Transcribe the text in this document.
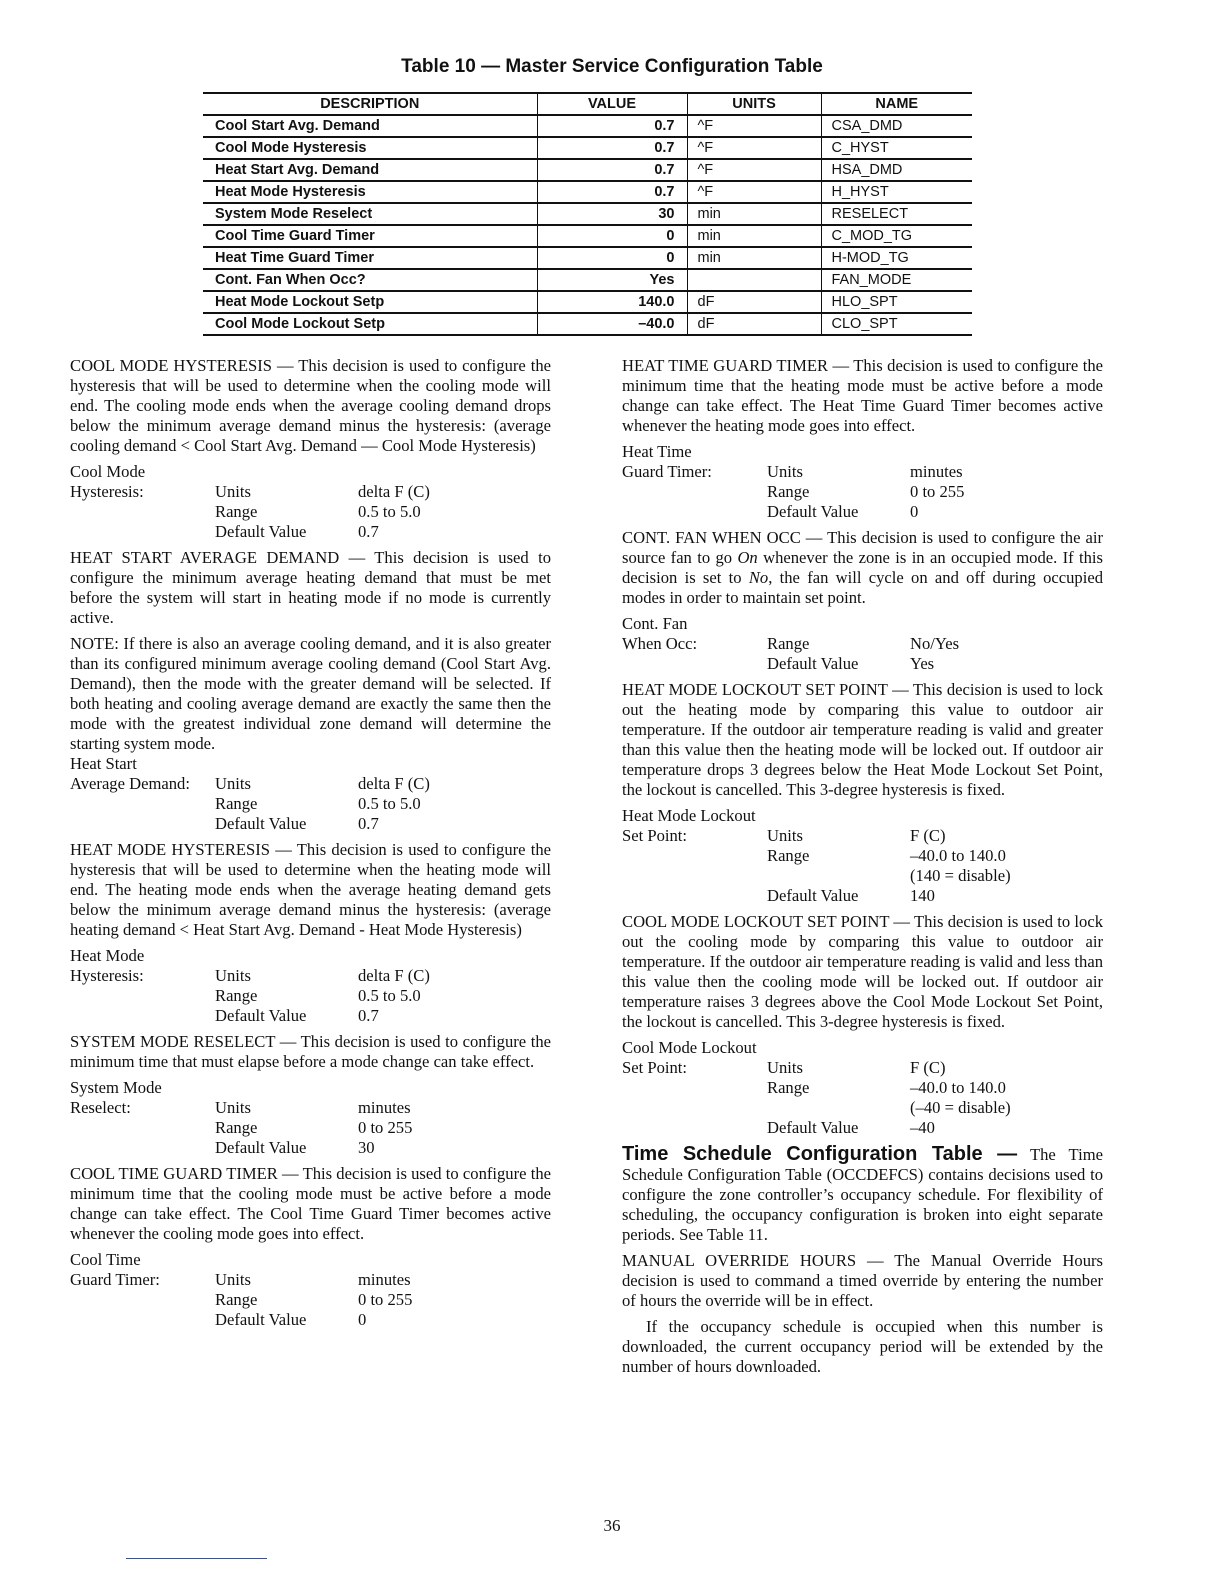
Table 10 — Master Service Configuration Table
DESCRIPTION	VALUE	UNITS	NAME
Cool Start Avg. Demand	0.7	^F	CSA_DMD
Cool Mode Hysteresis	0.7	^F	C_HYST
Heat Start Avg. Demand	0.7	^F	HSA_DMD
Heat Mode Hysteresis	0.7	^F	H_HYST
System Mode Reselect	30	min	RESELECT
Cool Time Guard Timer	0	min	C_MOD_TG
Heat Time Guard Timer	0	min	H-MOD_TG
Cont. Fan When Occ?	Yes		FAN_MODE
Heat Mode Lockout Setp	140.0	dF	HLO_SPT
Cool Mode Lockout Setp	–40.0	dF	CLO_SPT

COOL MODE HYSTERESIS — This decision is used to configure the hysteresis that will be used to determine when the cooling mode will end. The cooling mode ends when the average cooling demand drops below the minimum average demand minus the hysteresis: (average cooling demand < Cool Start Avg. Demand — Cool Mode Hysteresis)

Cool Mode
Hysteresis:	Units	delta F (C)
Range	0.5 to 5.0
Default Value	0.7

HEAT START AVERAGE DEMAND — This decision is used to configure the minimum average heating demand that must be met before the system will start in heating mode if no mode is currently active.

NOTE: If there is also an average cooling demand, and it is also greater than its configured minimum average cooling demand (Cool Start Avg. Demand), then the mode with the greater demand will be selected. If both heating and cooling average demand are exactly the same then the mode with the greatest individual zone demand will determine the starting system mode.

Heat Start
Average Demand:	Units	delta F (C)
Range	0.5 to 5.0
Default Value	0.7

HEAT MODE HYSTERESIS — This decision is used to configure the hysteresis that will be used to determine when the heating mode will end. The heating mode ends when the average heating demand gets below the minimum average demand minus the hysteresis: (average heating demand < Heat Start Avg. Demand - Heat Mode Hysteresis)

Heat Mode
Hysteresis:	Units	delta F (C)
Range	0.5 to 5.0
Default Value	0.7

SYSTEM MODE RESELECT — This decision is used to configure the minimum time that must elapse before a mode change can take effect.

System Mode
Reselect:	Units	minutes
Range	0 to 255
Default Value	30

COOL TIME GUARD TIMER — This decision is used to configure the minimum time that the cooling mode must be active before a mode change can take effect. The Cool Time Guard Timer becomes active whenever the cooling mode goes into effect.

Cool Time
Guard Timer:	Units	minutes
Range	0 to 255
Default Value	0

HEAT TIME GUARD TIMER — This decision is used to configure the minimum time that the heating mode must be active before a mode change can take effect. The Heat Time Guard Timer becomes active whenever the heating mode goes into effect.

Heat Time
Guard Timer:	Units	minutes
Range	0 to 255
Default Value	0

CONT. FAN WHEN OCC — This decision is used to configure the air source fan to go On whenever the zone is in an occupied mode. If this decision is set to No, the fan will cycle on and off during occupied modes in order to maintain set point.

Cont. Fan
When Occ:	Range	No/Yes
Default Value	Yes

HEAT MODE LOCKOUT SET POINT — This decision is used to lock out the heating mode by comparing this value to outdoor air temperature. If the outdoor air temperature reading is valid and greater than this value then the heating mode will be locked out. If outdoor air temperature drops 3 degrees below the Heat Mode Lockout Set Point, the lockout is cancelled. This 3-degree hysteresis is fixed.

Heat Mode Lockout
Set Point:	Units	F (C)
Range	–40.0 to 140.0
(140 = disable)
Default Value	140

COOL MODE LOCKOUT SET POINT — This decision is used to lock out the cooling mode by comparing this value to outdoor air temperature. If the outdoor air temperature reading is valid and less than this value then the cooling mode will be locked out. If outdoor air temperature raises 3 degrees above the Cool Mode Lockout Set Point, the lockout is cancelled. This 3-degree hysteresis is fixed.

Cool Mode Lockout
Set Point:	Units	F (C)
Range	–40.0 to 140.0
(–40 = disable)
Default Value	–40

Time Schedule Configuration Table — The Time Schedule Configuration Table (OCCDEFCS) contains decisions used to configure the zone controller’s occupancy schedule. For flexibility of scheduling, the occupancy configuration is broken into eight separate periods. See Table 11.

MANUAL OVERRIDE HOURS — The Manual Override Hours decision is used to command a timed override by entering the number of hours the override will be in effect.

If the occupancy schedule is occupied when this number is downloaded, the current occupancy period will be extended by the number of hours downloaded.

36
